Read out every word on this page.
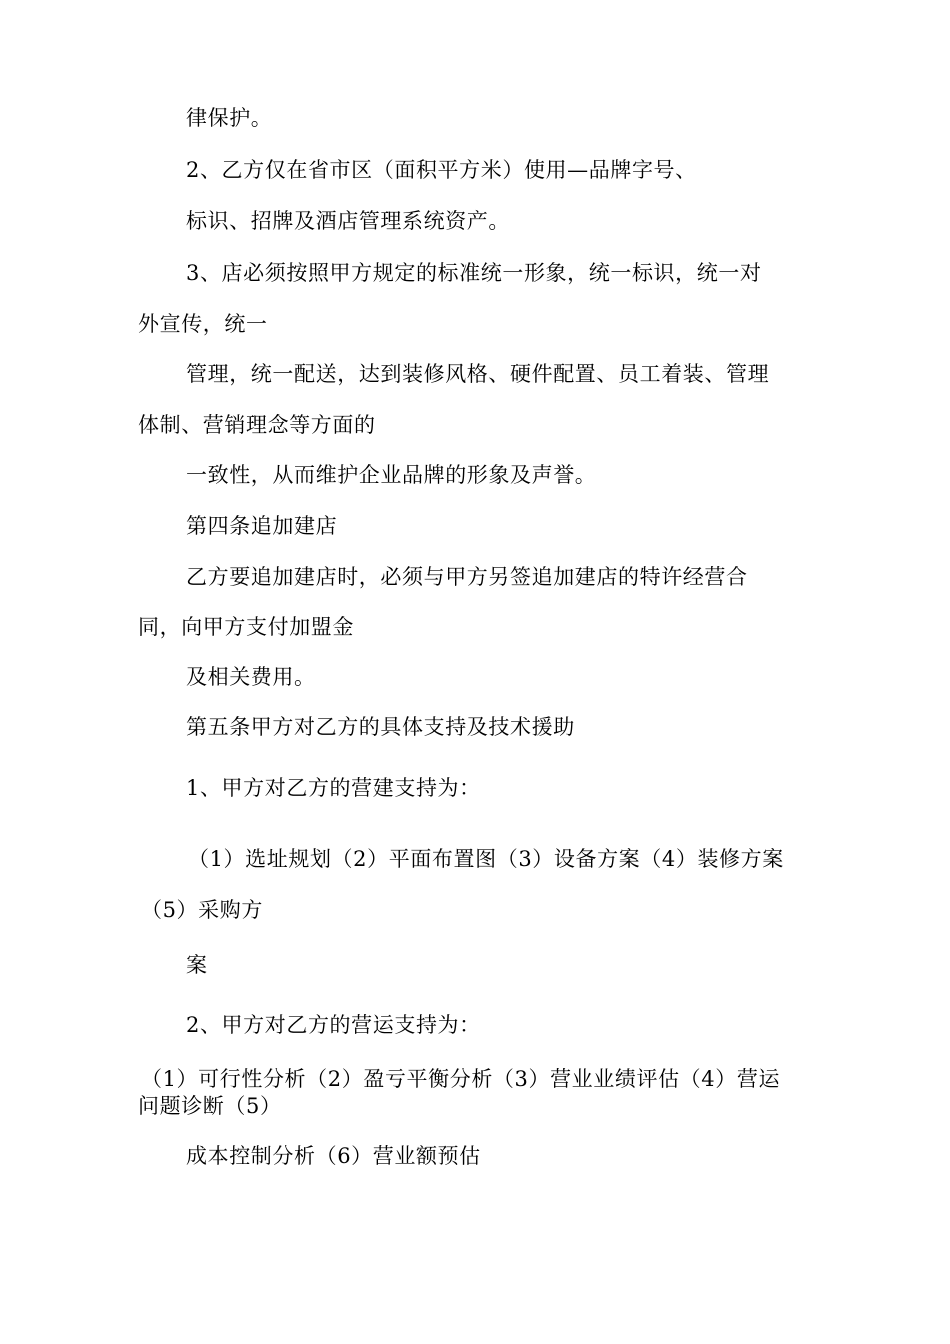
律保护。
2、乙方仅在省市区（面积平方米）使用—品牌字号、
标识、招牌及酒店管理系统资产。
3、店必须按照甲方规定的标准统一形象，统一标识，统一对
外宣传，统一
管理，统一配送，达到装修风格、硬件配置、员工着装、管理
体制、营销理念等方面的
一致性，从而维护企业品牌的形象及声誉。
第四条追加建店
乙方要追加建店时，必须与甲方另签追加建店的特许经营合
同，向甲方支付加盟金
及相关费用。
第五条甲方对乙方的具体支持及技术援助
1、甲方对乙方的营建支持为：
（1）选址规划（2）平面布置图（3）设备方案（4）装修方案
（5）采购方
案
2、甲方对乙方的营运支持为：
（1）可行性分析（2）盈亏平衡分析（3）营业业绩评估（4）营运
问题诊断（5）
成本控制分析（6）营业额预估
